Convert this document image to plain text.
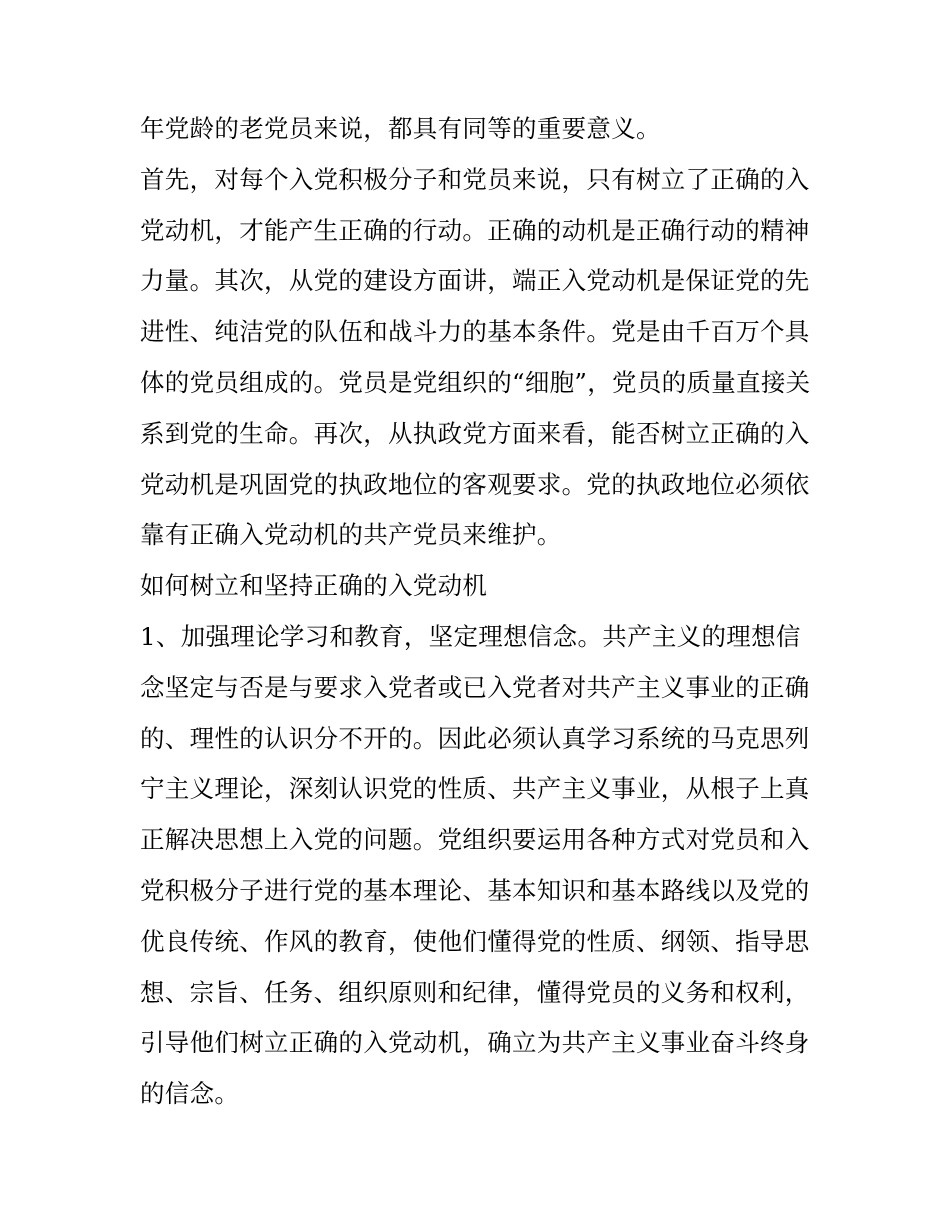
年党龄的老党员来说，都具有同等的重要意义。
首先，对每个入党积极分子和党员来说，只有树立了正确的入
党动机，才能产生正确的行动。正确的动机是正确行动的精神
力量。其次，从党的建设方面讲，端正入党动机是保证党的先
进性、纯洁党的队伍和战斗力的基本条件。党是由千百万个具
体的党员组成的。党员是党组织的“细胞”，党员的质量直接关
系到党的生命。再次，从执政党方面来看，能否树立正确的入
党动机是巩固党的执政地位的客观要求。党的执政地位必须依
靠有正确入党动机的共产党员来维护。
如何树立和坚持正确的入党动机
1、加强理论学习和教育，坚定理想信念。共产主义的理想信
念坚定与否是与要求入党者或已入党者对共产主义事业的正确
的、理性的认识分不开的。因此必须认真学习系统的马克思列
宁主义理论，深刻认识党的性质、共产主义事业，从根子上真
正解决思想上入党的问题。党组织要运用各种方式对党员和入
党积极分子进行党的基本理论、基本知识和基本路线以及党的
优良传统、作风的教育，使他们懂得党的性质、纲领、指导思
想、宗旨、任务、组织原则和纪律，懂得党员的义务和权利，
引导他们树立正确的入党动机，确立为共产主义事业奋斗终身
的信念。
